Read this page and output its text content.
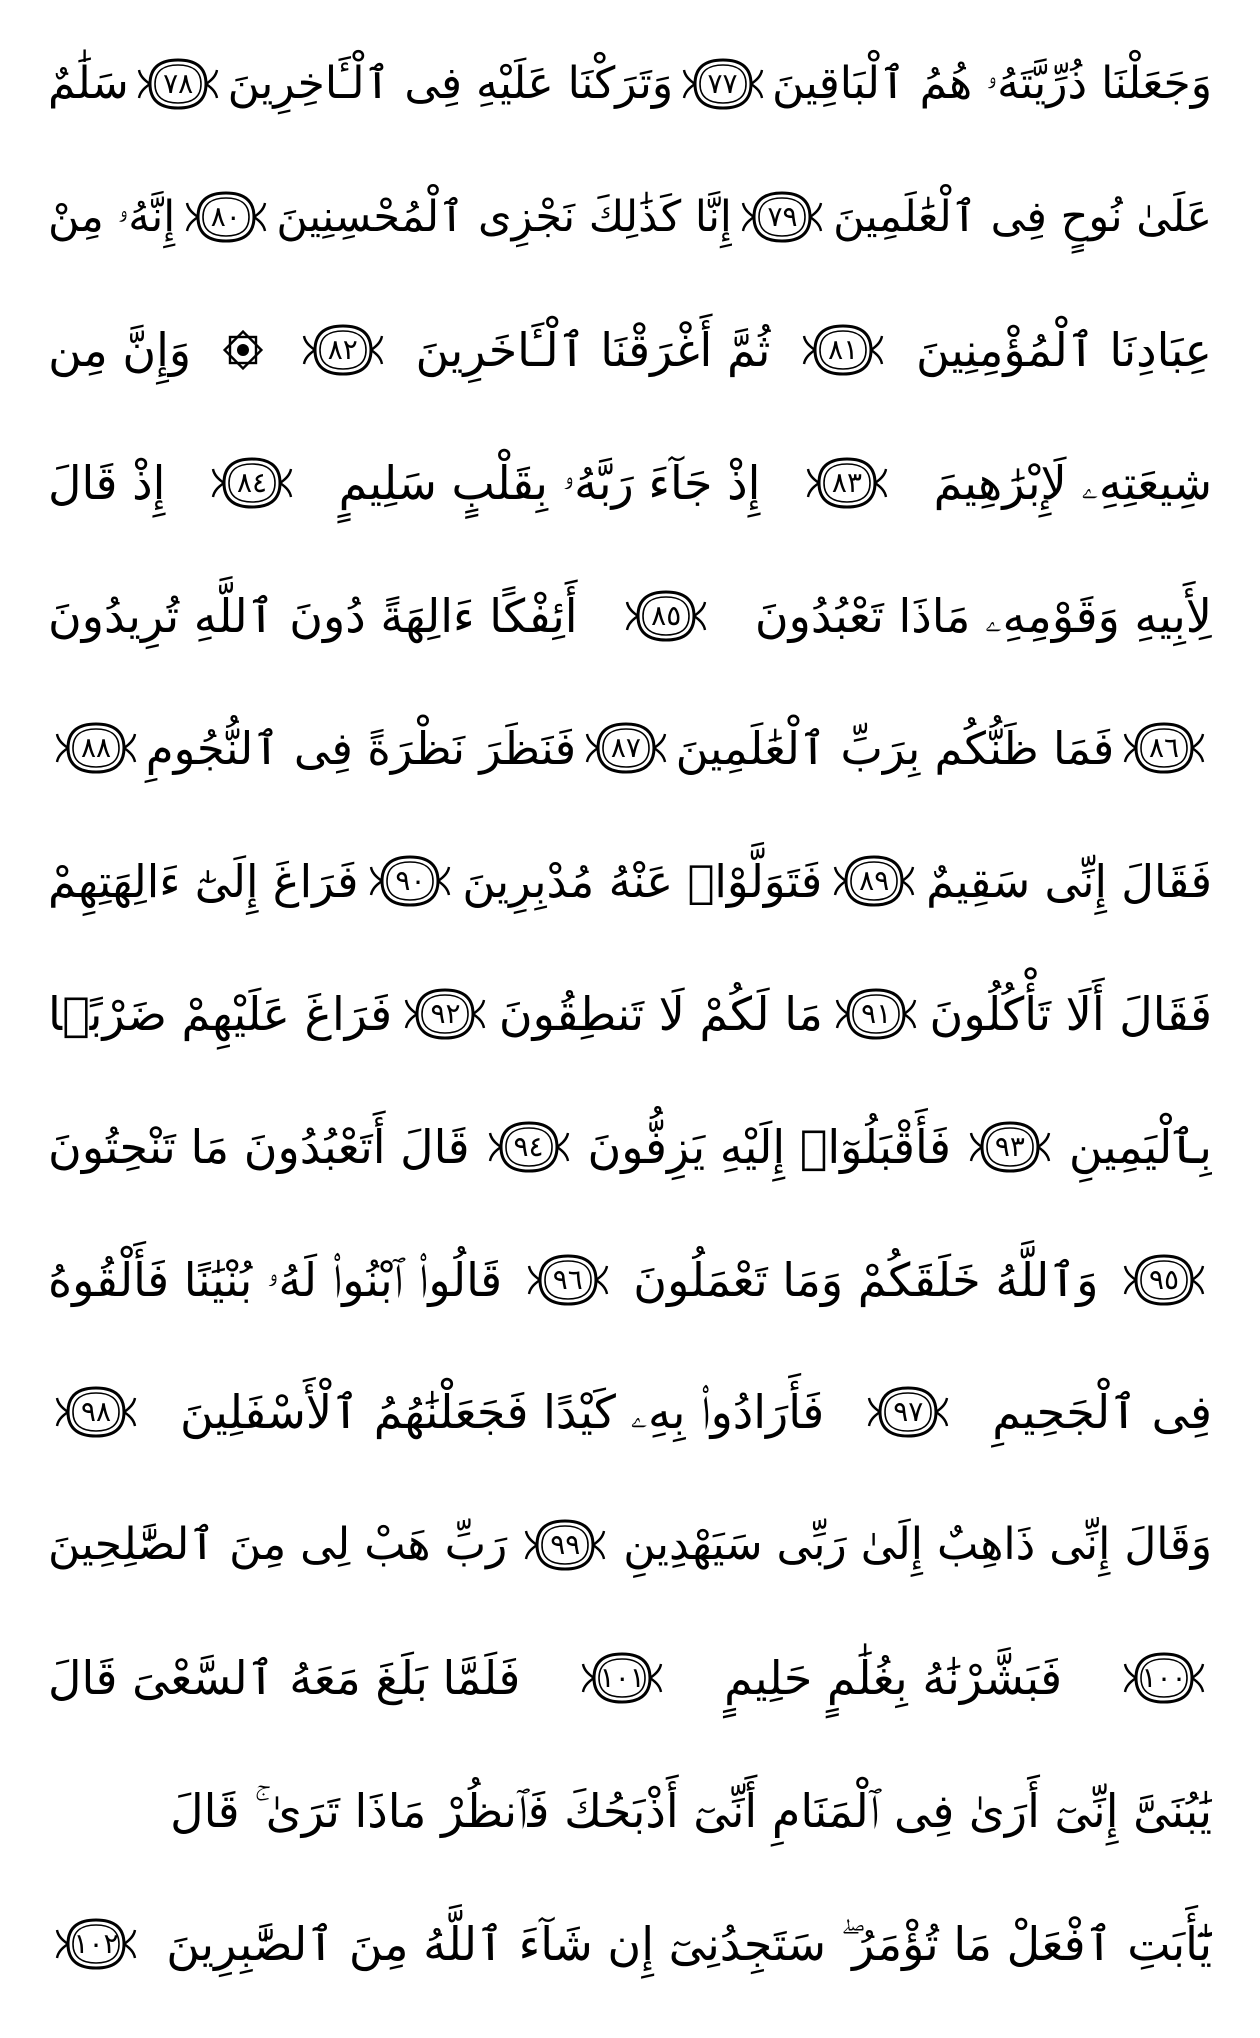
وَجَعَلْنَا ذُرِّيَّتَهُۥ هُمُ ٱلْبَاقِينَ
٧٧
وَتَرَكْنَا عَلَيْهِ فِى ٱلْـَٔاخِرِينَ
٧٨
سَلَٰمٌ
عَلَىٰ نُوحٍ فِى ٱلْعَٰلَمِينَ
٧٩
إِنَّا كَذَٰلِكَ نَجْزِى ٱلْمُحْسِنِينَ
٨٠
إِنَّهُۥ مِنْ
عِبَادِنَا ٱلْمُؤْمِنِينَ
٨١
ثُمَّ أَغْرَقْنَا ٱلْـَٔاخَرِينَ
٨٢
وَإِنَّ مِن
شِيعَتِهِۦ لَإِبْرَٰهِيمَ
٨٣
إِذْ جَآءَ رَبَّهُۥ بِقَلْبٍ سَلِيمٍ
٨٤
إِذْ قَالَ
لِأَبِيهِ وَقَوْمِهِۦ مَاذَا تَعْبُدُونَ
٨٥
أَئِفْكًا ءَالِهَةً دُونَ ٱللَّهِ تُرِيدُونَ
٨٦
فَمَا ظَنُّكُم بِرَبِّ ٱلْعَٰلَمِينَ
٨٧
فَنَظَرَ نَظْرَةً فِى ٱلنُّجُومِ
٨٨
فَقَالَ إِنِّى سَقِيمٌ
٨٩
فَتَوَلَّوْا۟ عَنْهُ مُدْبِرِينَ
٩٠
فَرَاغَ إِلَىٰٓ ءَالِهَتِهِمْ
فَقَالَ أَلَا تَأْكُلُونَ
٩١
مَا لَكُمْ لَا تَنطِقُونَ
٩٢
فَرَاغَ عَلَيْهِمْ ضَرْبًۢا
بِٱلْيَمِينِ
٩٣
فَأَقْبَلُوٓا۟ إِلَيْهِ يَزِفُّونَ
٩٤
قَالَ أَتَعْبُدُونَ مَا تَنْحِتُونَ
٩٥
وَٱللَّهُ خَلَقَكُمْ وَمَا تَعْمَلُونَ
٩٦
قَالُوا۟ ٱبْنُوا۟ لَهُۥ بُنْيَٰنًا فَأَلْقُوهُ
فِى ٱلْجَحِيمِ
٩٧
فَأَرَادُوا۟ بِهِۦ كَيْدًا فَجَعَلْنَٰهُمُ ٱلْأَسْفَلِينَ
٩٨
وَقَالَ إِنِّى ذَاهِبٌ إِلَىٰ رَبِّى سَيَهْدِينِ
٩٩
رَبِّ هَبْ لِى مِنَ ٱلصَّٰلِحِينَ
١٠٠
فَبَشَّرْنَٰهُ بِغُلَٰمٍ حَلِيمٍ
١٠١
فَلَمَّا بَلَغَ مَعَهُ ٱلسَّعْىَ قَالَ
يَٰبُنَىَّ إِنِّىٓ أَرَىٰ فِى ٱلْمَنَامِ أَنِّىٓ أَذْبَحُكَ فَٱنظُرْ مَاذَا تَرَىٰ ۚ قَالَ
يَٰٓأَبَتِ ٱفْعَلْ مَا تُؤْمَرُ ۖ سَتَجِدُنِىٓ إِن شَآءَ ٱللَّهُ مِنَ ٱلصَّٰبِرِينَ
١٠٢
